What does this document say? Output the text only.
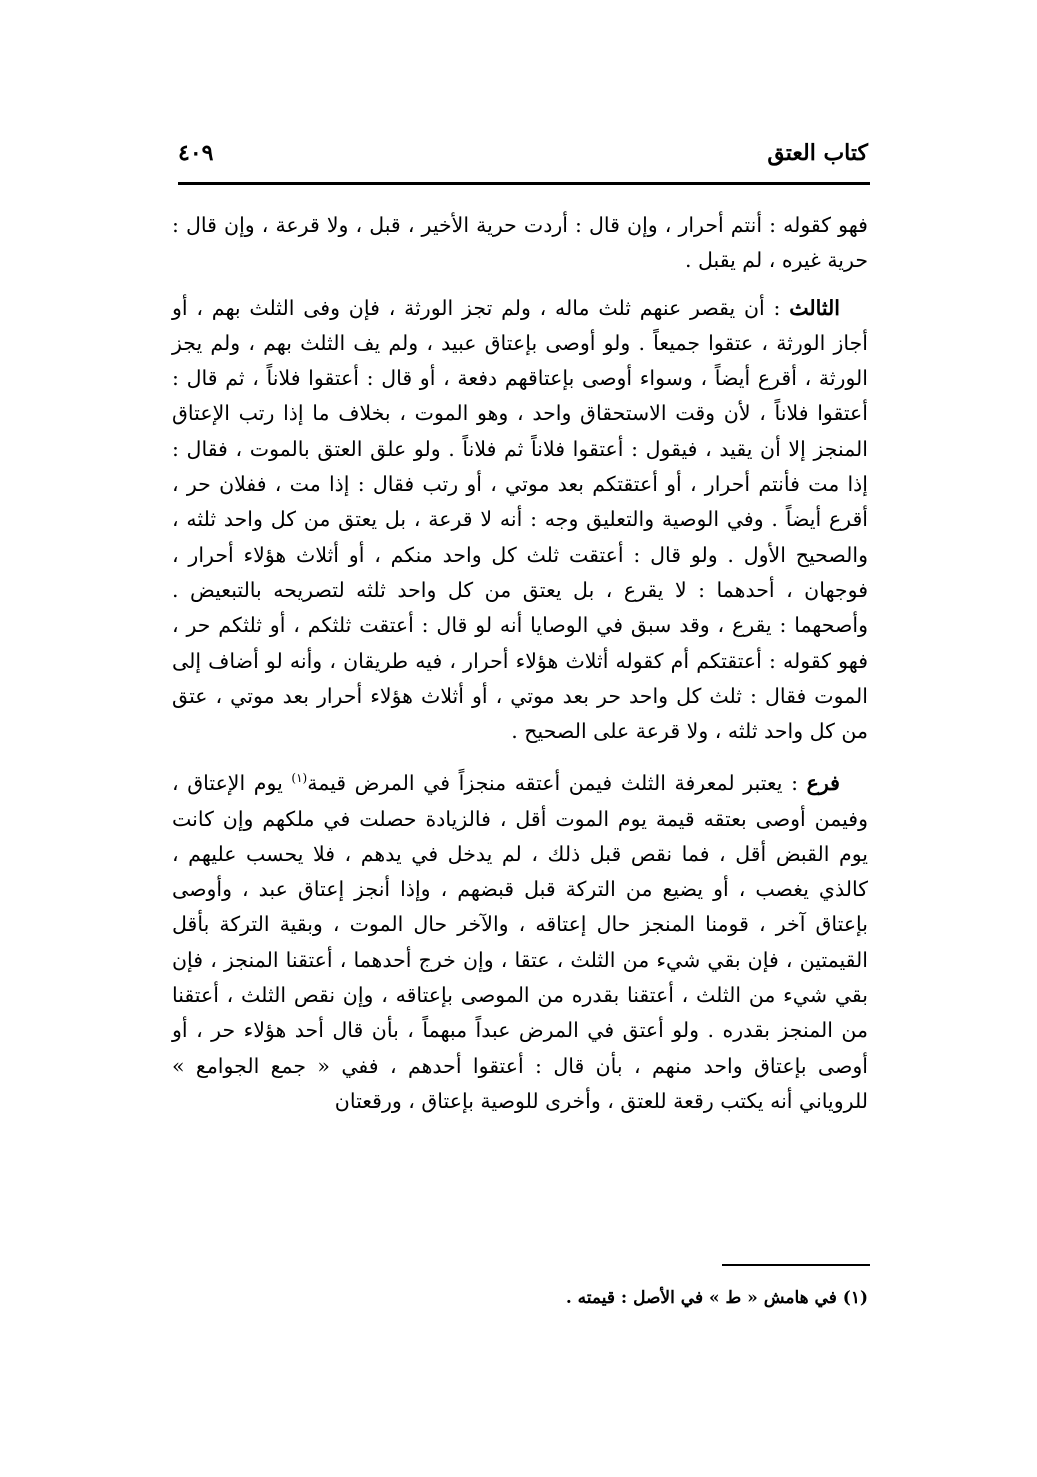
كتاب العتق
٤٠٩

فهو كقوله : أنتم أحرار ، وإن قال : أردت حرية الأخير ، قبل ، ولا قرعة ، وإن قال : حرية غيره ، لم يقبل .

الثالث : أن يقصر عنهم ثلث ماله ، ولم تجز الورثة ، فإن وفى الثلث بهم ، أو أجاز الورثة ، عتقوا جميعاً . ولو أوصى بإعتاق عبيد ، ولم يف الثلث بهم ، ولم يجز الورثة ، أقرع أيضاً ، وسواء أوصى بإعتاقهم دفعة ، أو قال : أعتقوا فلاناً ، ثم قال : أعتقوا فلاناً ، لأن وقت الاستحقاق واحد ، وهو الموت ، بخلاف ما إذا رتب الإعتاق المنجز إلا أن يقيد ، فيقول : أعتقوا فلاناً ثم فلاناً . ولو علق العتق بالموت ، فقال : إذا مت فأنتم أحرار ، أو أعتقتكم بعد موتي ، أو رتب فقال : إذا مت ، ففلان حر ، أقرع أيضاً . وفي الوصية والتعليق وجه : أنه لا قرعة ، بل يعتق من كل واحد ثلثه ، والصحيح الأول . ولو قال : أعتقت ثلث كل واحد منكم ، أو أثلاث هؤلاء أحرار ، فوجهان ، أحدهما : لا يقرع ، بل يعتق من كل واحد ثلثه لتصريحه بالتبعيض . وأصحهما : يقرع ، وقد سبق في الوصايا أنه لو قال : أعتقت ثلثكم ، أو ثلثكم حر ، فهو كقوله : أعتقتكم أم كقوله أثلاث هؤلاء أحرار ، فيه طريقان ، وأنه لو أضاف إلى الموت فقال : ثلث كل واحد حر بعد موتي ، أو أثلاث هؤلاء أحرار بعد موتي ، عتق من كل واحد ثلثه ، ولا قرعة على الصحيح .

فرع : يعتبر لمعرفة الثلث فيمن أعتقه منجزاً في المرض قيمة$^{(١)}$ يوم الإعتاق ، وفيمن أوصى بعتقه قيمة يوم الموت أقل ، فالزيادة حصلت في ملكهم وإن كانت يوم القبض أقل ، فما نقص قبل ذلك ، لم يدخل في يدهم ، فلا يحسب عليهم ، كالذي يغصب ، أو يضيع من التركة قبل قبضهم ، وإذا أنجز إعتاق عبد ، وأوصى بإعتاق آخر ، قومنا المنجز حال إعتاقه ، والآخر حال الموت ، وبقية التركة بأقل القيمتين ، فإن بقي شيء من الثلث ، عتقا ، وإن خرج أحدهما ، أعتقنا المنجز ، فإن بقي شيء من الثلث ، أعتقنا بقدره من الموصى بإعتاقه ، وإن نقص الثلث ، أعتقنا من المنجز بقدره . ولو أعتق في المرض عبداً مبهماً ، بأن قال أحد هؤلاء حر ، أو أوصى بإعتاق واحد منهم ، بأن قال : أعتقوا أحدهم ، ففي « جمع الجوامع » للروياني أنه يكتب رقعة للعتق ، وأخرى للوصية بإعتاق ، ورقعتان

(١) في هامش « ط » في الأصل : قيمته .
